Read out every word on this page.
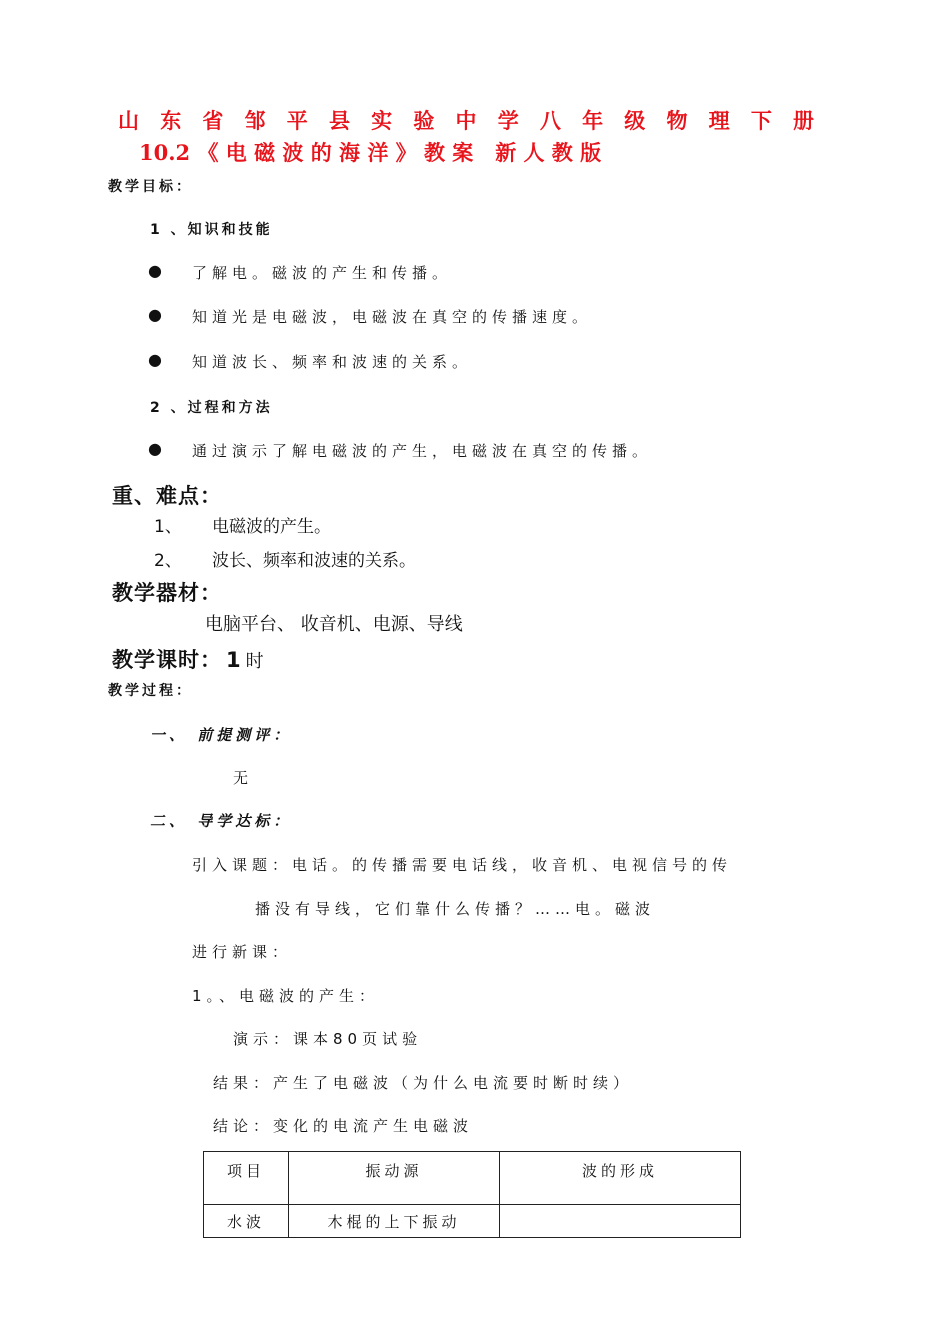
山 东 省 邹 平 县 实 验 中 学 八 年 级 物 理 下 册
10.2 《 电 磁 波 的 海 洋 》 教 案   新 人 教 版
教学目标：
1 、知识和技能
● 了解电。磁波的产生和传播。
● 知道光是电磁波，电磁波在真空的传播速度。
● 知道波长、频率和波速的关系。
2 、过程和方法
● 通过演示了解电磁波的产生，电磁波在真空的传播。
重、难点：
1、 电磁波的产生。
2、 波长、频率和波速的关系。
教学器材：
电脑平台、 收音机、电源、导线
教学课时： 1 时
教学过程：
一、 前提测评：
无
二、 导学达标：
引入课题：电话。的传播需要电话线，收音机、电视信号的传
播没有导线，它们靠什么传播？……电。磁波
进行新课：
1。、电磁波的产生：
演示：课本80页试验
结果：产生了电磁波（为什么电流要时断时续）
结论：变化的电流产生电磁波
项目	振动源	波的形成
水波	木棍的上下振动	
